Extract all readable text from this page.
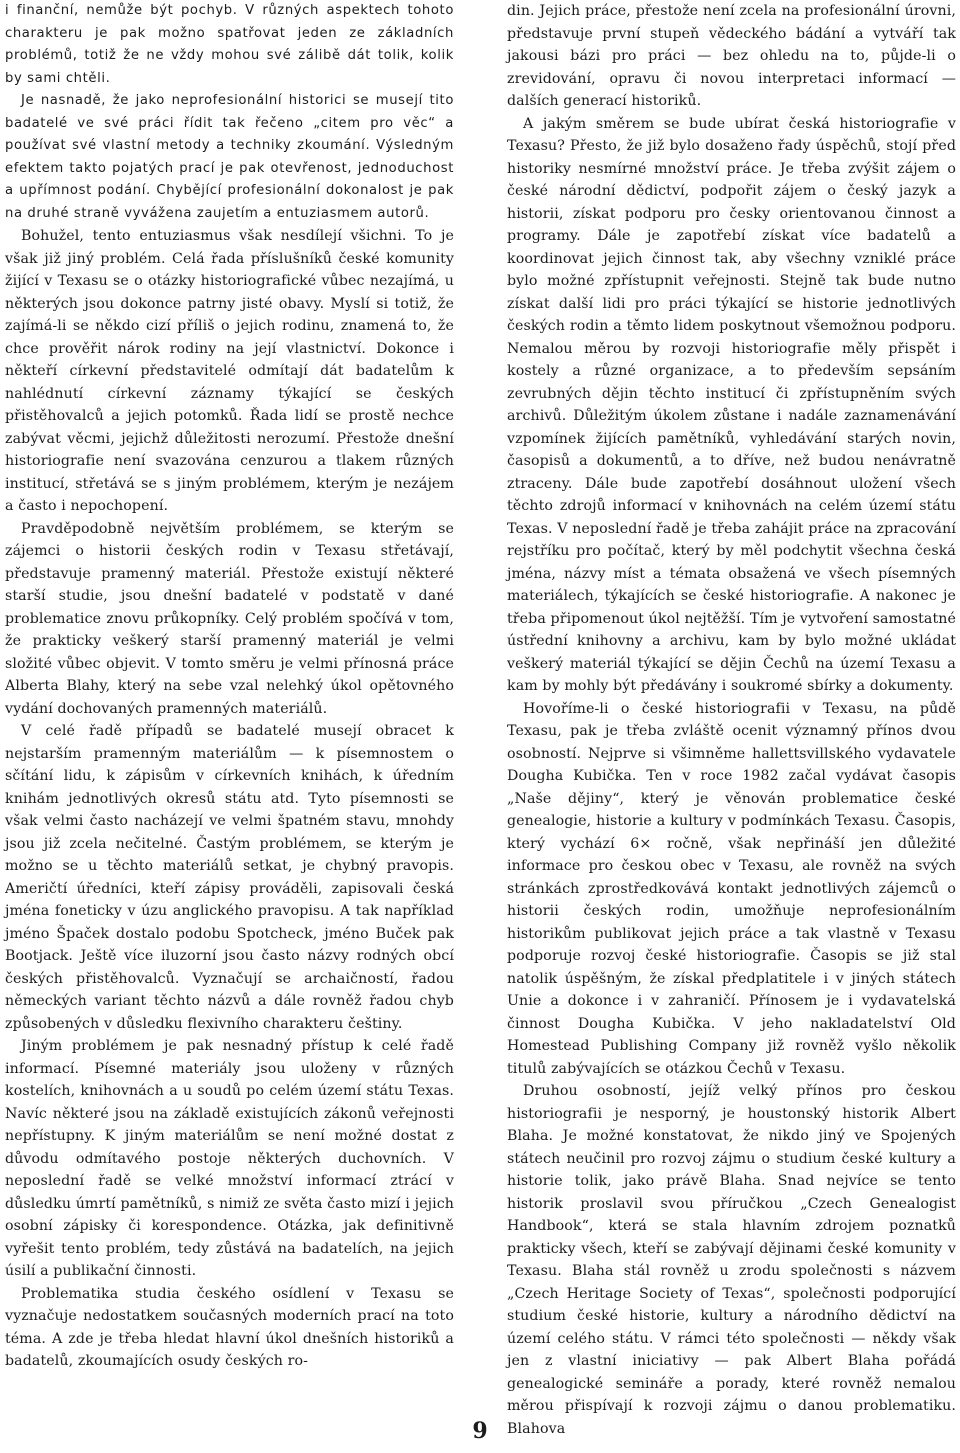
i finanční, nemůže být pochyb. V různých aspektech tohoto charakteru je pak možno spatřovat jeden ze základních problémů, totiž že ne vždy mohou své zálibě dát tolik, kolik by sami chtěli.

Je nasnadě, že jako neprofesionální historici se musejí tito badatelé ve své práci řídit tak řečeno „citem pro věc“ a používat své vlastní metody a techniky zkoumání. Výsledným efektem takto pojatých prací je pak otevřenost, jednoduchost a upřímnost podání. Chybějící profesionální dokonalost je pak na druhé straně vyvážena zaujetím a entuziasmem autorů.

Bohužel, tento entuziasmus však nesdílejí všichni. To je však již jiný problém. Celá řada příslušníků české komunity žijící v Texasu se o otázky historiografické vůbec nezajímá, u některých jsou dokonce patrny jisté obavy. Myslí si totiž, že zajímá-li se někdo cizí příliš o jejich rodinu, znamená to, že chce prověřit nárok rodiny na její vlastnictví. Dokonce i někteří církevní představitelé odmítají dát badatelům k nahlédnutí církevní záznamy týkající se českých přistěhovalců a jejich potomků. Řada lidí se prostě nechce zabývat věcmi, jejichž důležitosti nerozumí. Přestože dnešní historiografie není svazována cenzurou a tlakem různých institucí, střetává se s jiným problémem, kterým je nezájem a často i nepochopení.

Pravděpodobně největším problémem, se kterým se zájemci o historii českých rodin v Texasu střetávají, představuje pramenný materiál. Přestože existují některé starší studie, jsou dnešní badatelé v podstatě v dané problematice znovu průkopníky. Celý problém spočívá v tom, že prakticky veškerý starší pramenný materiál je velmi složité vůbec objevit. V tomto směru je velmi přínosná práce Alberta Blahy, který na sebe vzal nelehký úkol opětovného vydání dochovaných pramenných materiálů.

V celé řadě případů se badatelé musejí obracet k nejstarším pramenným materiálům — k písemnostem o sčítání lidu, k zápisům v církevních knihách, k úředním knihám jednotlivých okresů státu atd. Tyto písemnosti se však velmi často nacházejí ve velmi špatném stavu, mnohdy jsou již zcela nečitelné. Častým problémem, se kterým je možno se u těchto materiálů setkat, je chybný pravopis. Američtí úředníci, kteří zápisy prováděli, zapisovali česká jména foneticky v úzu anglického pravopisu. A tak například jméno Špaček dostalo podobu Spotcheck, jméno Buček pak Bootjack. Ještě více iluzorní jsou často názvy rodných obcí českých přistěhovalců. Vyznačují se archaičností, řadou německých variant těchto názvů a dále rovněž řadou chyb způsobených v důsledku flexivního charakteru češtiny.

Jiným problémem je pak nesnadný přístup k celé řadě informací. Písemné materiály jsou uloženy v různých kostelích, knihovnách a u soudů po celém území státu Texas. Navíc některé jsou na základě existujících zákonů veřejnosti nepřístupny. K jiným materiálům se není možné dostat z důvodu odmítavého postoje některých duchovních. V neposlední řadě se velké množství informací ztrácí v důsledku úmrtí pamětníků, s nimiž ze světa často mizí i jejich osobní zápisky či korespondence. Otázka, jak definitivně vyřešit tento problém, tedy zůstává na badatelích, na jejich úsilí a publikační činnosti.

Problematika studia českého osídlení v Texasu se vyznačuje nedostatkem současných moderních prací na toto téma. A zde je třeba hledat hlavní úkol dnešních historiků a badatelů, zkoumajících osudy českých ro-

din. Jejich práce, přestože není zcela na profesionální úrovni, představuje první stupeň vědeckého bádání a vytváří tak jakousi bázi pro práci — bez ohledu na to, půjde-li o zrevidování, opravu či novou interpretaci informací — dalších generací historiků.

A jakým směrem se bude ubírat česká historiografie v Texasu? Přesto, že již bylo dosaženo řady úspěchů, stojí před historiky nesmírné množství práce. Je třeba zvýšit zájem o české národní dědictví, podpořit zájem o český jazyk a historii, získat podporu pro česky orientovanou činnost a programy. Dále je zapotřebí získat více badatelů a koordinovat jejich činnost tak, aby všechny vzniklé práce bylo možné zpřístupnit veřejnosti. Stejně tak bude nutno získat další lidi pro práci týkající se historie jednotlivých českých rodin a těmto lidem poskytnout všemožnou podporu. Nemalou měrou by rozvoji historiografie měly přispět i kostely a různé organizace, a to především sepsáním zevrubných dějin těchto institucí či zpřístupněním svých archivů. Důležitým úkolem zůstane i nadále zaznamenávání vzpomínek žijících pamětníků, vyhledávání starých novin, časopisů a dokumentů, a to dříve, než budou nenávratně ztraceny. Dále bude zapotřebí dosáhnout uložení všech těchto zdrojů informací v knihovnách na celém území státu Texas. V neposlední řadě je třeba zahájit práce na zpracování rejstříku pro počítač, který by měl podchytit všechna česká jména, názvy míst a témata obsažená ve všech písemných materiálech, týkajících se české historiografie. A nakonec je třeba připomenout úkol nejtěžší. Tím je vytvoření samostatné ústřední knihovny a archivu, kam by bylo možné ukládat veškerý materiál týkající se dějin Čechů na území Texasu a kam by mohly být předávány i soukromé sbírky a dokumenty.

Hovoříme-li o české historiografii v Texasu, na půdě Texasu, pak je třeba zvláště ocenit významný přínos dvou osobností. Nejprve si všimněme hallettsvillského vydavatele Dougha Kubička. Ten v roce 1982 začal vydávat časopis „Naše dějiny“, který je věnován problematice české genealogie, historie a kultury v podmínkách Texasu. Časopis, který vychází 6× ročně, však nepřináší jen důležité informace pro českou obec v Texasu, ale rovněž na svých stránkách zprostředkovává kontakt jednotlivých zájemců o historii českých rodin, umožňuje neprofesionálním historikům publikovat jejich práce a tak vlastně v Texasu podporuje rozvoj české historiografie. Časopis se již stal natolik úspěšným, že získal předplatitele i v jiných státech Unie a dokonce i v zahraničí. Přínosem je i vydavatelská činnost Dougha Kubička. V jeho nakladatelství Old Homestead Publishing Company již rovněž vyšlo několik titulů zabývajících se otázkou Čechů v Texasu.

Druhou osobností, jejíž velký přínos pro českou historiografii je nesporný, je houstonský historik Albert Blaha. Je možné konstatovat, že nikdo jiný ve Spojených státech neučinil pro rozvoj zájmu o studium české kultury a historie tolik, jako právě Blaha. Snad nejvíce se tento historik proslavil svou příručkou „Czech Genealogist Handbook“, která se stala hlavním zdrojem poznatků prakticky všech, kteří se zabývají dějinami české komunity v Texasu. Blaha stál rovněž u zrodu společnosti s názvem „Czech Heritage Society of Texas“, společnosti podporující studium české historie, kultury a národního dědictví na území celého státu. V rámci této společnosti — někdy však jen z vlastní iniciativy — pak Albert Blaha pořádá genealogické semináře a porady, které rovněž nemalou měrou přispívají k rozvoji zájmu o danou problematiku. Blahova

9
